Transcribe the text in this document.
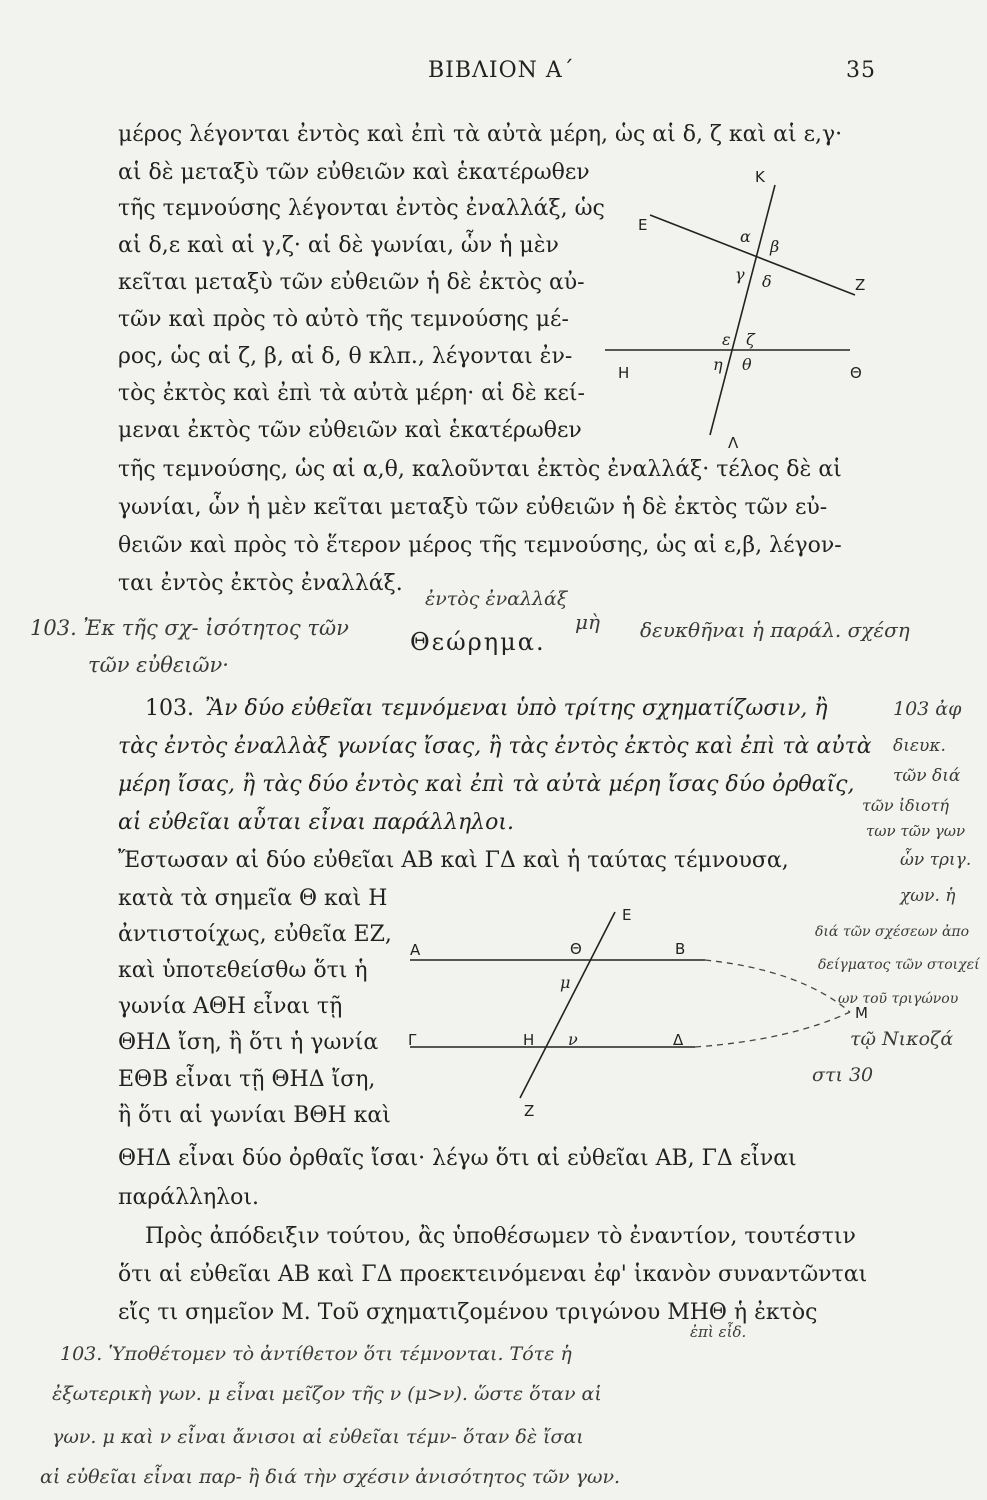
ΒΙΒΛΙΟΝ Α΄	35
μέρος λέγονται ἐντὸς καὶ ἐπὶ τὰ αὐτὰ μέρη, ὡς αἱ δ, ζ καὶ αἱ ε,γ·
αἱ δὲ μεταξὺ τῶν εὐθειῶν καὶ ἑκατέρωθεν
τῆς τεμνούσης λέγονται ἐντὸς ἐναλλάξ, ὡς
αἱ δ,ε καὶ αἱ γ,ζ· αἱ δὲ γωνίαι, ὧν ἡ μὲν
κεῖται μεταξὺ τῶν εὐθειῶν ἡ δὲ ἐκτὸς αὐ-
τῶν καὶ πρὸς τὸ αὐτὸ τῆς τεμνούσης μέ-
ρος, ὡς αἱ ζ, β, αἱ δ, θ κλπ., λέγονται ἐν-
τὸς ἐκτὸς καὶ ἐπὶ τὰ αὐτὰ μέρη· αἱ δὲ κεί-
μεναι ἐκτὸς τῶν εὐθειῶν καὶ ἑκατέρωθεν
τῆς τεμνούσης, ὡς αἱ α,θ, καλοῦνται ἐκτὸς ἐναλλάξ· τέλος δὲ αἱ
γωνίαι, ὧν ἡ μὲν κεῖται μεταξὺ τῶν εὐθειῶν ἡ δὲ ἐκτὸς τῶν εὐ-
θειῶν καὶ πρὸς τὸ ἕτερον μέρος τῆς τεμνούσης, ὡς αἱ ε,β, λέγον-
ται ἐντὸς ἐκτὸς ἐναλλάξ.
Κ
Ε
Ζ
Η	Θ
Λ
α
β
γ δ
ε ζ
η θ
ἐντὸς ἐναλλάξ
103. Ἐκ τῆς σχ- ἰσότητος τῶν	Θεώρημα.
μὴ δευκθῆναι ἡ παράλ. σχέση
τῶν εὐθειῶν·
103. Ἂν δύο εὐθεῖαι τεμνόμεναι ὑπὸ τρίτης σχηματίζωσιν, ἢ
τὰς ἐντὸς ἐναλλὰξ γωνίας ἴσας, ἢ τὰς ἐντὸς ἐκτὸς καὶ ἐπὶ τὰ αὐτὰ
μέρη ἴσας, ἢ τὰς δύο ἐντὸς καὶ ἐπὶ τὰ αὐτὰ μέρη ἴσας δύο ὀρθαῖς,
αἱ εὐθεῖαι αὗται εἶναι παράλληλοι.
Ἔστωσαν αἱ δύο εὐθεῖαι ΑΒ καὶ ΓΔ καὶ ἡ ταύτας τέμνουσα,
κατὰ τὰ σημεῖα Θ καὶ Η
ἀντιστοίχως, εὐθεῖα ΕΖ,
καὶ ὑποτεθείσθω ὅτι ἡ
γωνία ΑΘΗ εἶναι τῇ
ΘΗΔ ἴση, ἢ ὅτι ἡ γωνία
ΕΘΒ εἶναι τῇ ΘΗΔ ἴση,
ἢ ὅτι αἱ γωνίαι ΒΘΗ καὶ
ΘΗΔ εἶναι δύο ὀρθαῖς ἴσαι· λέγω ὅτι αἱ εὐθεῖαι ΑΒ, ΓΔ εἶναι
παράλληλοι.
Α	Β
Γ	Δ
Ε
Ζ
Θ
Η
Μ
μ
ν
Πρὸς ἀπόδειξιν τούτου, ἂς ὑποθέσωμεν τὸ ἐναντίον, τουτέστιν
ὅτι αἱ εὐθεῖαι ΑΒ καὶ ΓΔ προεκτεινόμεναι ἐφ' ἱκανὸν συναντῶνται
εἴς τι σημεῖον Μ. Τοῦ σχηματιζομένου τριγώνου ΜΗΘ ἡ ἐκτὸς
103 ἀφ
διευκ.
τῶν διά
τῶν ἰδιοτή
των τῶν γων
ὧν τριγ.
χων. ἡ
διά τῶν σχέσεων ἀπο
δείγματος τῶν στοιχεί
ων τοῦ τριγώνου
τῷ Νικοζά
στι 30
ἐπὶ εἶδ.
103. Ὑποθέτομεν τὸ ἀντίθετον ὅτι τέμνονται. Τότε ἡ
ἐξωτερικὴ γων. μ εἶναι μεῖζον τῆς ν (μ>ν). ὥστε ὅταν αἱ
γων. μ καὶ ν εἶναι ἄνισοι αἱ εὐθεῖαι τέμν- ὅταν δὲ ἴσαι
αἱ εὐθεῖαι εἶναι παρ- ἢ διά τὴν σχέσιν ἀνισότητος τῶν γων.
